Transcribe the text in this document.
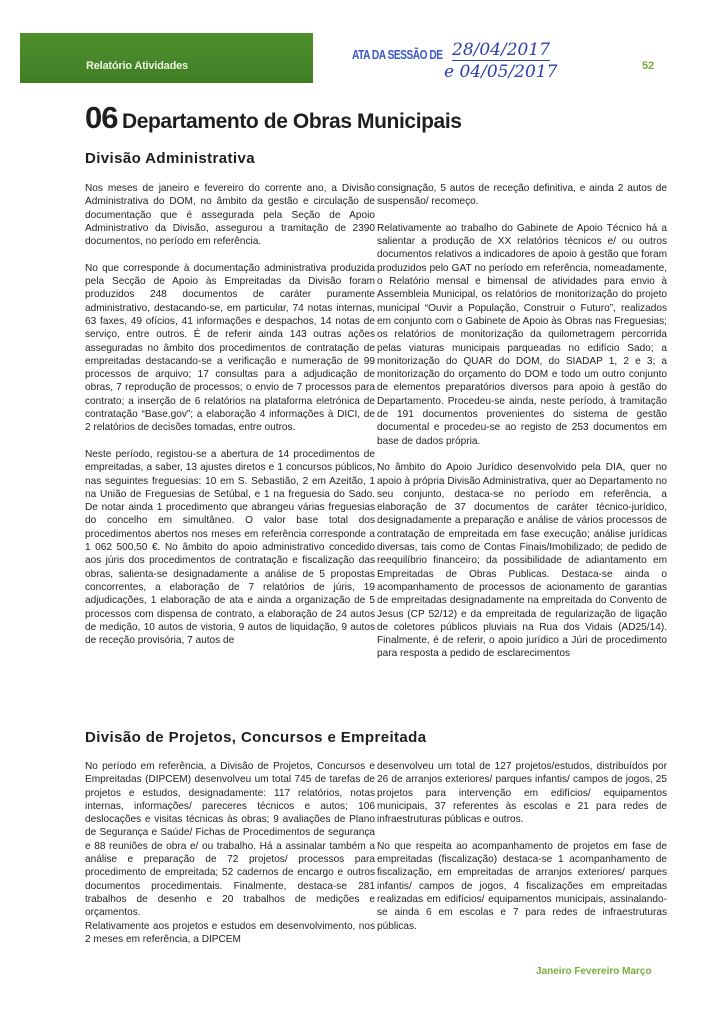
Relatório Atividades
ATA DA SESSÃO DE 28/04/2017
e 04/05/2017	52
06 Departamento de Obras Municipais
Divisão Administrativa

Nos meses de janeiro e fevereiro do corrente ano, a Divisão Administrativa do DOM, no âmbito da gestão e circulação de documentação que é assegurada pela Seção de Apoio Administrativo da Divisão, assegurou a tramitação de 2390 documentos, no período em referência.

No que corresponde à documentação administrativa produzida pela Secção de Apoio às Empreitadas da Divisão foram produzidos 248 documentos de caráter puramente administrativo, destacando-se, em particular, 74 notas internas, 63 faxes, 49 ofícios, 41 informações e despachos, 14 notas de serviço, entre outros. É de referir ainda 143 outras ações asseguradas no âmbito dos procedimentos de contratação de empreitadas destacando-se a verificação e numeração de 99 processos de arquivo; 17 consultas para a adjudicação de obras, 7 reprodução de processos; o envio de 7 processos para contrato; a inserção de 6 relatórios na plataforma eletrónica de contratação “Base.gov”; a elaboração 4 informações à DICI, de 2 relatórios de decisões tomadas, entre outros.

Neste período, registou-se a abertura de 14 procedimentos de empreitadas, a saber, 13 ajustes diretos e 1 concursos públicos, nas seguintes freguesias: 10 em S. Sebastião, 2 em Azeitão, 1 na União de Freguesias de Setúbal, e 1 na freguesia do Sado. De notar ainda 1 procedimento que abrangeu várias freguesias do concelho em simultâneo. O valor base total dos procedimentos abertos nos meses em referência corresponde a 1 062 500,50 €. No âmbito do apoio administrativo concedido aos júris dos procedimentos de contratação e fiscalização das obras, salienta-se designadamente a análise de 5 propostas concorrentes, a elaboração de 7 relatórios de júris, 19 adjudicações, 1 elaboração de ata e ainda a organização de 5 processos com dispensa de contrato, a elaboração de 24 autos de medição, 10 autos de vistoria, 9 autos de liquidação, 9 autos de receção provisória, 7 autos de

consignação, 5 autos de receção definitiva, e ainda 2 autos de suspensão/ recomeço.

Relativamente ao trabalho do Gabinete de Apoio Técnico há a salientar a produção de XX relatórios técnicos e/ ou outros documentos relativos a indicadores de apoio à gestão que foram produzidos pelo GAT no período em referência, nomeadamente, o Relatório mensal e bimensal de atividades para envio à Assembleia Municipal, os relatórios de monitorização do projeto municipal “Ouvir a População, Construir o Futuro”, realizados em conjunto com o Gabinete de Apoio às Obras nas Freguesias; os relatórios de monitorização da quilometragem percorrida pelas viaturas municipais parqueadas no edifício Sado; a monitorização do QUAR do DOM, do SIADAP 1, 2 e 3; a monitorização do orçamento do DOM e todo um outro conjunto de elementos preparatórios diversos para apoio à gestão do Departamento. Procedeu-se ainda, neste período, à tramitação de 191 documentos provenientes do sistema de gestão documental e procedeu-se ao registo de 253 documentos em base de dados própria.

No âmbito do Apoio Jurídico desenvolvido pela DIA, quer no apoio à própria Divisão Administrativa, quer ao Departamento no seu conjunto, destaca-se no período em referência, a elaboração de 37 documentos de caráter técnico-jurídico, designadamente a preparação e análise de vários processos de contratação de empreitada em fase execução; análise jurídicas diversas, tais como de Contas Finais/Imobilizado; de pedido de reequilíbrio financeiro; da possibilidade de adiantamento em Empreitadas de Obras Publicas. Destaca-se ainda o acompanhamento de processos de acionamento de garantias de empreitadas designadamente na empreitada do Convento de Jesus (CP 52/12) e da empreitada de regularização de ligação de coletores públicos pluviais na Rua dos Vidais (AD25/14). Finalmente, é de referir, o apoio jurídico a Júri de procedimento para resposta a pedido de esclarecimentos

Divisão de Projetos, Concursos e Empreitada

No período em referência, a Divisão de Projetos, Concursos e Empreitadas (DIPCEM) desenvolveu um total 745 de tarefas de projetos e estudos, designadamente: 117 relatórios, notas internas, informações/ pareceres técnicos e autos; 106 deslocações e visitas técnicas às obras; 9 avaliações de Plano de Segurança e Saúde/ Fichas de Procedimentos de segurança e 88 reuniões de obra e/ ou trabalho. Há a assinalar também a análise e preparação de 72 projetos/ processos para procedimento de empreitada; 52 cadernos de encargo e outros documentos procedimentais. Finalmente, destaca-se 281 trabalhos de desenho e 20 trabalhos de medições e orçamentos.

Relativamente aos projetos e estudos em desenvolvimento, nos 2 meses em referência, a DIPCEM

desenvolveu um total de 127 projetos/estudos, distribuídos por 26 de arranjos exteriores/ parques infantis/ campos de jogos, 25 projetos para intervenção em edifícios/ equipamentos municipais, 37 referentes às escolas e 21 para redes de infraestruturas públicas e outros.

No que respeita ao acompanhamento de projetos em fase de empreitadas (fiscalização) destaca-se 1 acompanhamento de fiscalização, em empreitadas de arranjos exteriores/ parques infantis/ campos de jogos, 4 fiscalizações em empreitadas realizadas em edifícios/ equipamentos municipais, assinalando-se ainda 6 em escolas e 7 para redes de infraestruturas públicas.

Janeiro Fevereiro Março
